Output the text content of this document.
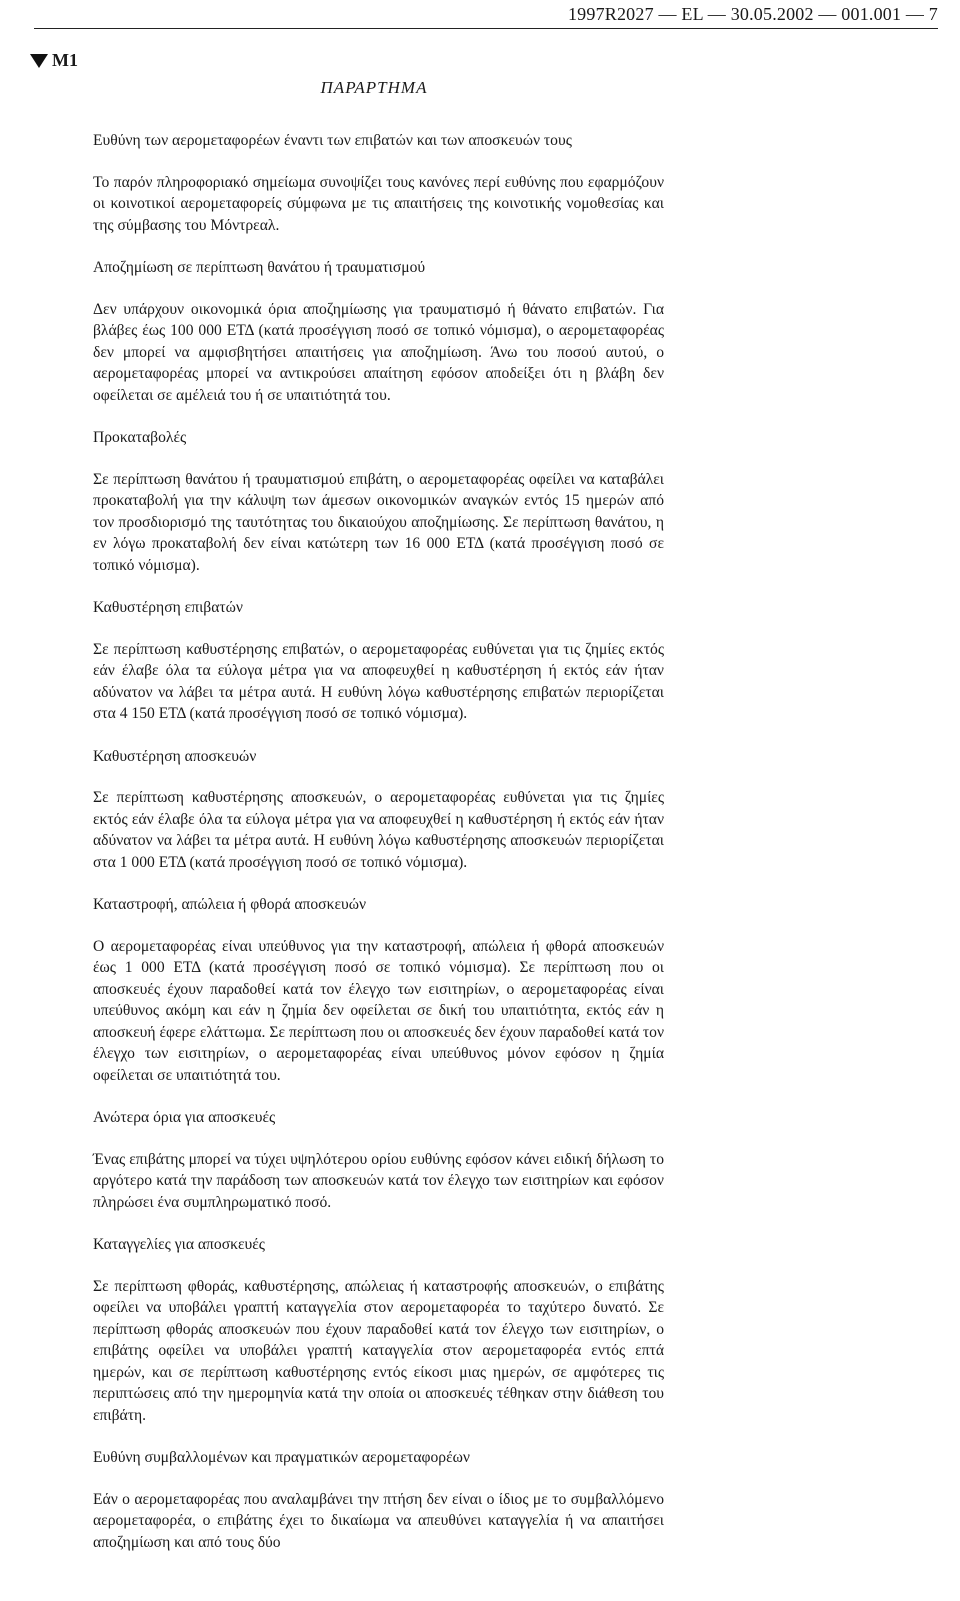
1997R2027 — EL — 30.05.2002 — 001.001 — 7
M1
ΠΑΡΑΡΤΗΜΑ

Ευθύνη των αερομεταφορέων έναντι των επιβατών και των αποσκευών τους

Το παρόν πληροφοριακό σημείωμα συνοψίζει τους κανόνες περί ευθύνης που εφαρμόζουν οι κοινοτικοί αερομεταφορείς σύμφωνα με τις απαιτήσεις της κοινοτικής νομοθεσίας και της σύμβασης του Μόντρεαλ.

Αποζημίωση σε περίπτωση θανάτου ή τραυματισμού

Δεν υπάρχουν οικονομικά όρια αποζημίωσης για τραυματισμό ή θάνατο επιβατών. Για βλάβες έως 100 000 ΕΤΔ (κατά προσέγγιση ποσό σε τοπικό νόμισμα), ο αερομεταφορέας δεν μπορεί να αμφισβητήσει απαιτήσεις για αποζημίωση. Άνω του ποσού αυτού, ο αερομεταφορέας μπορεί να αντικρούσει απαίτηση εφόσον αποδείξει ότι η βλάβη δεν οφείλεται σε αμέλειά του ή σε υπαιτιότητά του.

Προκαταβολές

Σε περίπτωση θανάτου ή τραυματισμού επιβάτη, ο αερομεταφορέας οφείλει να καταβάλει προκαταβολή για την κάλυψη των άμεσων οικονομικών αναγκών εντός 15 ημερών από τον προσδιορισμό της ταυτότητας του δικαιούχου αποζημίωσης. Σε περίπτωση θανάτου, η εν λόγω προκαταβολή δεν είναι κατώτερη των 16 000 ΕΤΔ (κατά προσέγγιση ποσό σε τοπικό νόμισμα).

Καθυστέρηση επιβατών

Σε περίπτωση καθυστέρησης επιβατών, ο αερομεταφορέας ευθύνεται για τις ζημίες εκτός εάν έλαβε όλα τα εύλογα μέτρα για να αποφευχθεί η καθυστέρηση ή εκτός εάν ήταν αδύνατον να λάβει τα μέτρα αυτά. Η ευθύνη λόγω καθυστέρησης επιβατών περιορίζεται στα 4 150 ΕΤΔ (κατά προσέγγιση ποσό σε τοπικό νόμισμα).

Καθυστέρηση αποσκευών

Σε περίπτωση καθυστέρησης αποσκευών, ο αερομεταφορέας ευθύνεται για τις ζημίες εκτός εάν έλαβε όλα τα εύλογα μέτρα για να αποφευχθεί η καθυστέρηση ή εκτός εάν ήταν αδύνατον να λάβει τα μέτρα αυτά. Η ευθύνη λόγω καθυστέρησης αποσκευών περιορίζεται στα 1 000 ΕΤΔ (κατά προσέγγιση ποσό σε τοπικό νόμισμα).

Καταστροφή, απώλεια ή φθορά αποσκευών

Ο αερομεταφορέας είναι υπεύθυνος για την καταστροφή, απώλεια ή φθορά αποσκευών έως 1 000 ΕΤΔ (κατά προσέγγιση ποσό σε τοπικό νόμισμα). Σε περίπτωση που οι αποσκευές έχουν παραδοθεί κατά τον έλεγχο των εισιτηρίων, ο αερομεταφορέας είναι υπεύθυνος ακόμη και εάν η ζημία δεν οφείλεται σε δική του υπαιτιότητα, εκτός εάν η αποσκευή έφερε ελάττωμα. Σε περίπτωση που οι αποσκευές δεν έχουν παραδοθεί κατά τον έλεγχο των εισιτηρίων, ο αερομεταφορέας είναι υπεύθυνος μόνον εφόσον η ζημία οφείλεται σε υπαιτιότητά του.

Ανώτερα όρια για αποσκευές

Ένας επιβάτης μπορεί να τύχει υψηλότερου ορίου ευθύνης εφόσον κάνει ειδική δήλωση το αργότερο κατά την παράδοση των αποσκευών κατά τον έλεγχο των εισιτηρίων και εφόσον πληρώσει ένα συμπληρωματικό ποσό.

Καταγγελίες για αποσκευές

Σε περίπτωση φθοράς, καθυστέρησης, απώλειας ή καταστροφής αποσκευών, ο επιβάτης οφείλει να υποβάλει γραπτή καταγγελία στον αερομεταφορέα το ταχύτερο δυνατό. Σε περίπτωση φθοράς αποσκευών που έχουν παραδοθεί κατά τον έλεγχο των εισιτηρίων, ο επιβάτης οφείλει να υποβάλει γραπτή καταγγελία στον αερομεταφορέα εντός επτά ημερών, και σε περίπτωση καθυστέρησης εντός είκοσι μιας ημερών, σε αμφότερες τις περιπτώσεις από την ημερομηνία κατά την οποία οι αποσκευές τέθηκαν στην διάθεση του επιβάτη.

Ευθύνη συμβαλλομένων και πραγματικών αερομεταφορέων

Εάν ο αερομεταφορέας που αναλαμβάνει την πτήση δεν είναι ο ίδιος με το συμβαλλόμενο αερομεταφορέα, ο επιβάτης έχει το δικαίωμα να απευθύνει καταγγελία ή να απαιτήσει αποζημίωση και από τους δύο
